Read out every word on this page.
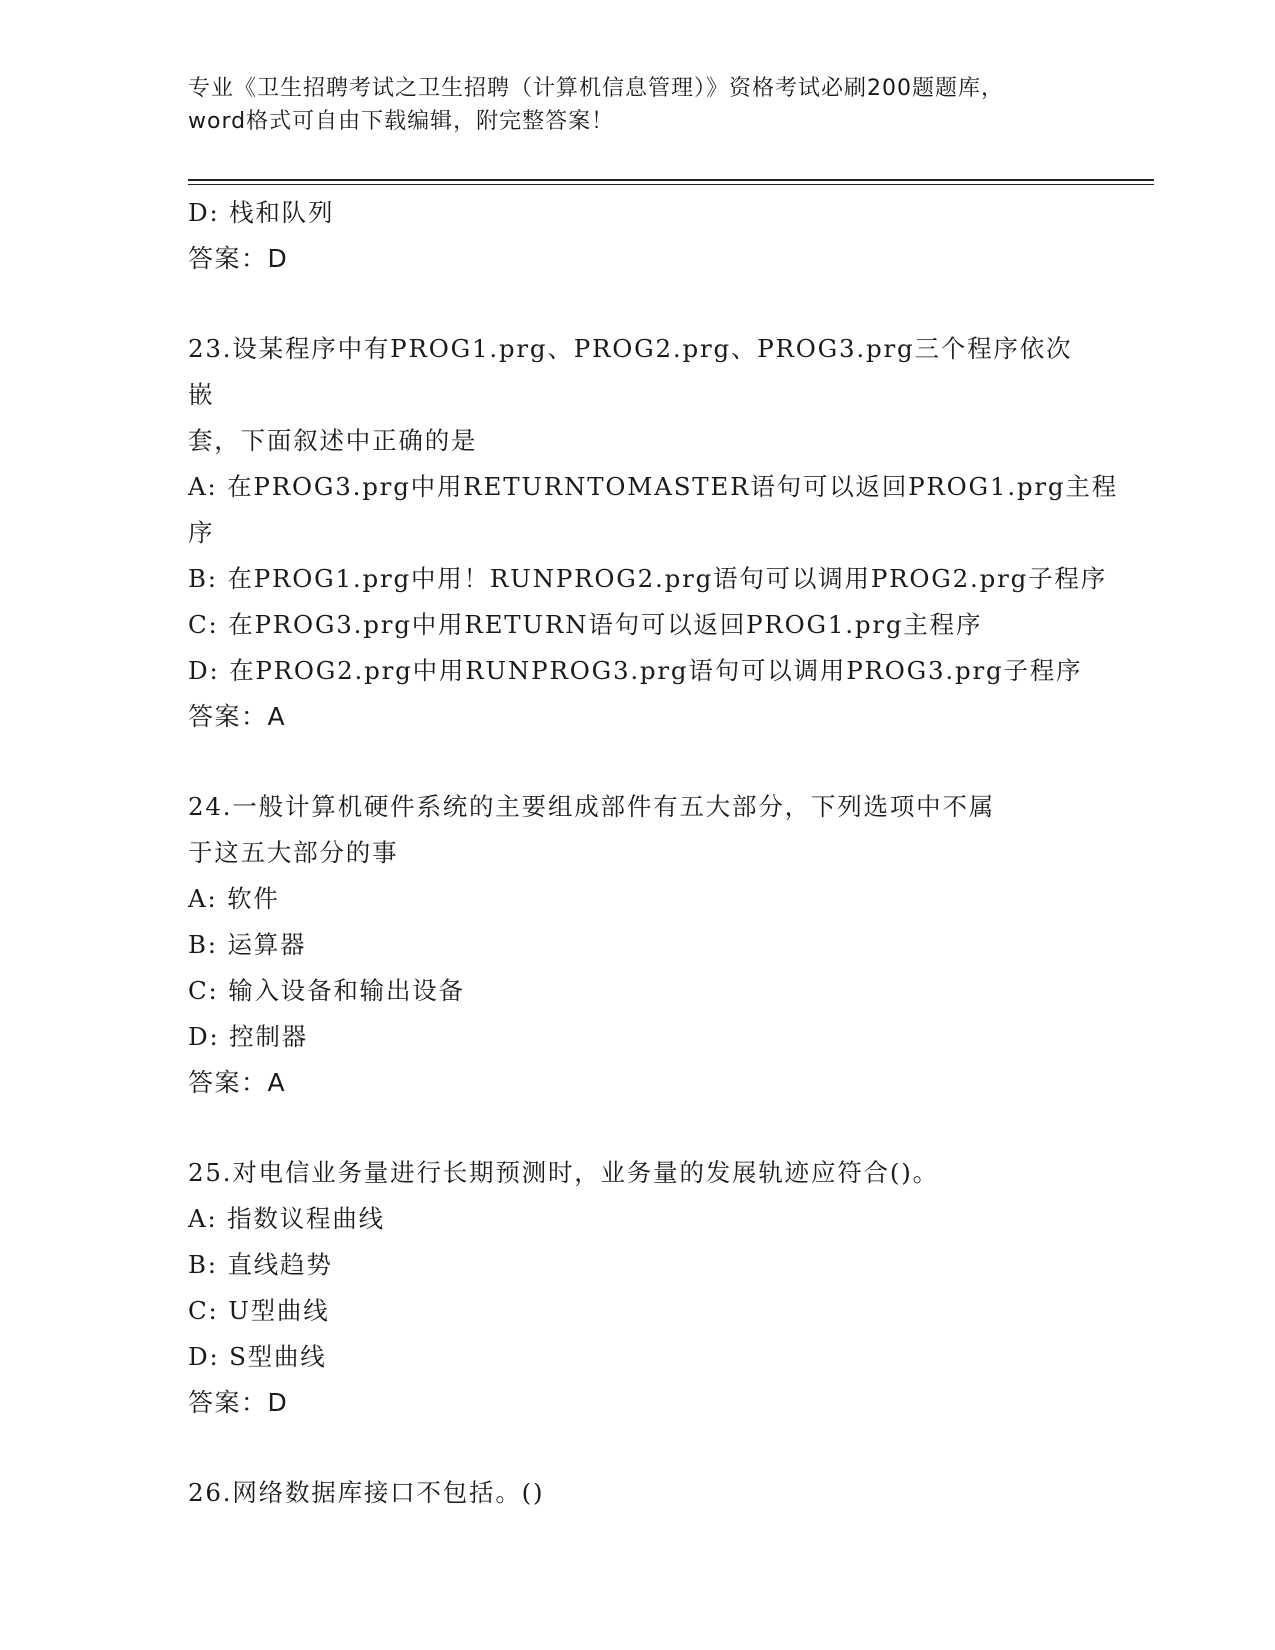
专业《卫生招聘考试之卫生招聘（计算机信息管理）》资格考试必刷200题题库，
word格式可自由下载编辑，附完整答案！
D: 栈和队列
答案：D
23.设某程序中有PROG1.prg、PROG2.prg、PROG3.prg三个程序依次嵌
套，下面叙述中正确的是
A: 在PROG3.prg中用RETURNTOMASTER语句可以返回PROG1.prg主程
序
B: 在PROG1.prg中用！RUNPROG2.prg语句可以调用PROG2.prg子程序
C: 在PROG3.prg中用RETURN语句可以返回PROG1.prg主程序
D: 在PROG2.prg中用RUNPROG3.prg语句可以调用PROG3.prg子程序
答案：A
24.一般计算机硬件系统的主要组成部件有五大部分，下列选项中不属
于这五大部分的事
A: 软件
B: 运算器
C: 输入设备和输出设备
D: 控制器
答案：A
25.对电信业务量进行长期预测时，业务量的发展轨迹应符合()。
A: 指数议程曲线
B: 直线趋势
C: U型曲线
D: S型曲线
答案：D
26.网络数据库接口不包括。()
